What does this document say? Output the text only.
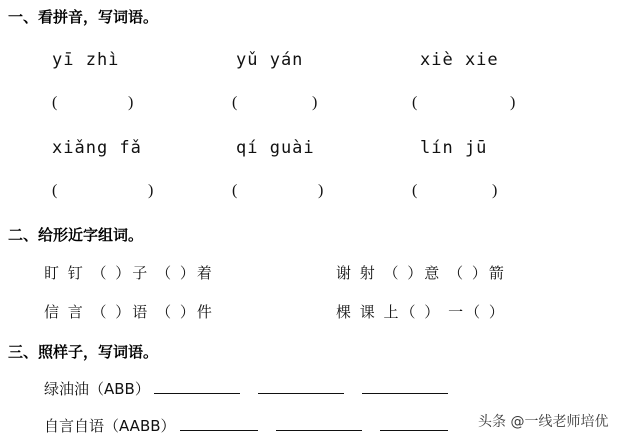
一、看拼音，写词语。
yī zhì	yǔ yán	xiè xie
(	)	(	)	(	)
xiǎng fǎ	qí guài	lín jū
(	)	(	)	(	)
二、给形近字组词。
盯 钉 （ ）子 （ ）着	谢 射 （ ）意 （ ）箭
信 言 （ ）语 （ ）件	棵 课 上（ ） 一（ ）
三、照样子，写词语。
绿油油（ABB）
自言自语（AABB）	头条 @一线老师培优
